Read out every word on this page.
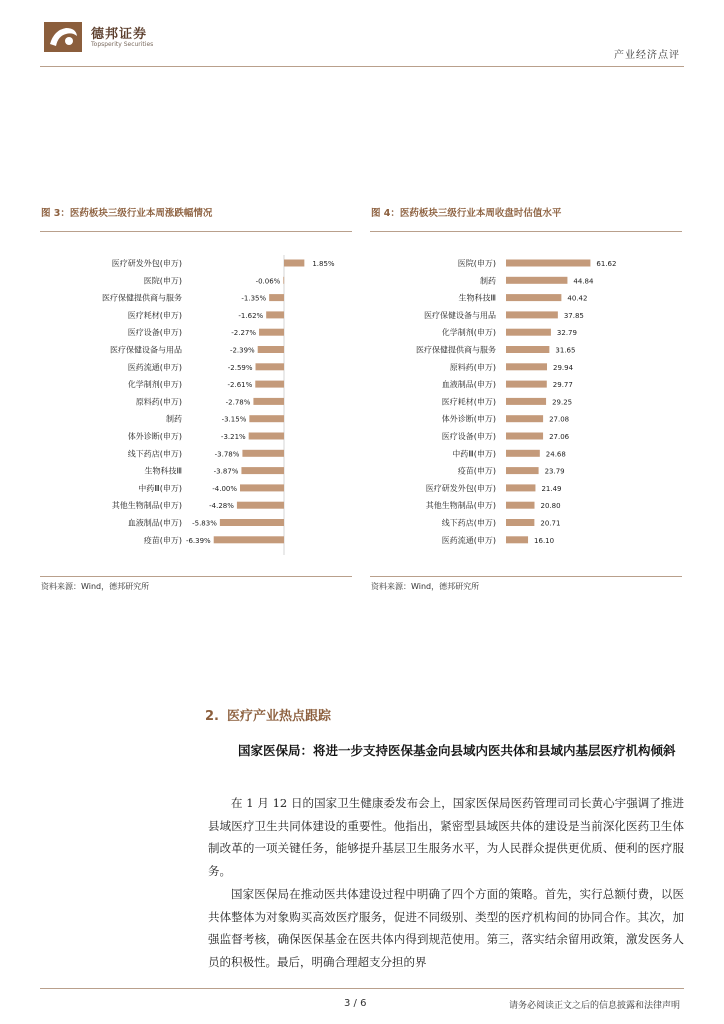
德邦证券
Topsperity Securities
产业经济点评
图 3：医药板块三级行业本周涨跌幅情况
医疗研发外包(申万)	1.85%
医院(申万)	-0.06%
医疗保健提供商与服务	-1.35%
医疗耗材(申万)	-1.62%
医疗设备(申万)	-2.27%
医疗保健设备与用品	-2.39%
医药流通(申万)	-2.59%
化学制剂(申万)	-2.61%
原料药(申万)	-2.78%
制药	-3.15%
体外诊断(申万)	-3.21%
线下药店(申万)	-3.78%
生物科技Ⅲ	-3.87%
中药Ⅲ(申万)	-4.00%
其他生物制品(申万)	-4.28%
血液制品(申万) -5.83%
疫苗(申万) -6.39%
资料来源：Wind，德邦研究所
图 4：医药板块三级行业本周收盘时估值水平
医院(申万)	61.62
制药	44.84
生物科技Ⅲ	40.42
医疗保健设备与用品	37.85
化学制剂(申万)	32.79
医疗保健提供商与服务	31.65
原料药(申万)	29.94
血液制品(申万)	29.77
医疗耗材(申万)	29.25
体外诊断(申万)	27.08
医疗设备(申万)	27.06
中药Ⅲ(申万)	24.68
疫苗(申万)	23.79
医疗研发外包(申万)	21.49
其他生物制品(申万)	20.80
线下药店(申万)	20.71
医药流通(申万)	16.10
资料来源：Wind，德邦研究所
2. 医疗产业热点跟踪

国家医保局：将进一步支持医保基金向县域内医共体和县域内基层医疗机构倾斜

在 1 月 12 日的国家卫生健康委发布会上，国家医保局医药管理司司长黄心宇强调了推进县域医疗卫生共同体建设的重要性。他指出，紧密型县域医共体的建设是当前深化医药卫生体制改革的一项关键任务，能够提升基层卫生服务水平，为人民群众提供更优质、便利的医疗服务。

国家医保局在推动医共体建设过程中明确了四个方面的策略。首先，实行总额付费，以医共体整体为对象购买高效医疗服务，促进不同级别、类型的医疗机构间的协同合作。其次，加强监督考核，确保医保基金在医共体内得到规范使用。第三，落实结余留用政策，激发医务人员的积极性。最后，明确合理超支分担的界

3 / 6	请务必阅读正文之后的信息披露和法律声明
